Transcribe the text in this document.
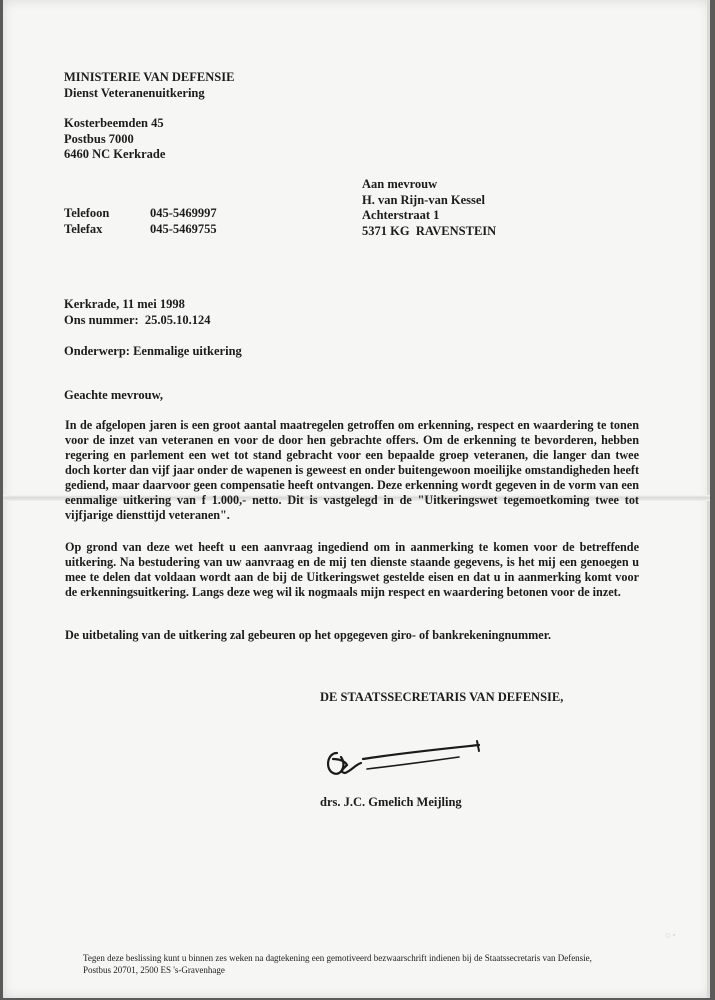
MINISTERIE VAN DEFENSIE
Dienst Veteranenuitkering
Kosterbeemden 45
Postbus 7000
6460 NC Kerkrade
Aan mevrouw
H. van Rijn-van Kessel
Achterstraat 1
5371 KG  RAVENSTEIN
Telefoon
Telefax
045-5469997
045-5469755
Kerkrade, 11 mei 1998
Ons nummer:  25.05.10.124
Onderwerp: Eenmalige uitkering
Geachte mevrouw,

In de afgelopen jaren is een groot aantal maatregelen getroffen om erkenning, respect en waardering te tonen voor de inzet van veteranen en voor de door hen gebrachte offers. Om de erkenning te bevorderen, hebben regering en parlement een wet tot stand gebracht voor een bepaalde groep veteranen, die langer dan twee doch korter dan vijf jaar onder de wapenen is geweest en onder buitengewoon moeilijke omstandigheden heeft gediend, maar daarvoor geen compensatie heeft ontvangen. Deze erkenning wordt gegeven in de vorm van een eenmalige uitkering van f 1.000,- netto. Dit is vastgelegd in de "Uitkeringswet tegemoetkoming twee tot vijfjarige diensttijd veteranen".

Op grond van deze wet heeft u een aanvraag ingediend om in aanmerking te komen voor de betreffende uitkering. Na bestudering van uw aanvraag en de mij ten dienste staande gegevens, is het mij een genoegen u mee te delen dat voldaan wordt aan de bij de Uitkeringswet gestelde eisen en dat u in aanmerking komt voor de erkenningsuitkering. Langs deze weg wil ik nogmaals mijn respect en waardering betonen voor de inzet.

De uitbetaling van de uitkering zal gebeuren op het opgegeven giro- of bankrekeningnummer.

DE STAATSSECRETARIS VAN DEFENSIE,
drs. J.C. Gmelich Meijling
◌ ·
Tegen deze beslissing kunt u binnen zes weken na dagtekening een gemotiveerd bezwaarschrift indienen bij de Staatssecretaris van Defensie,
Postbus 20701, 2500 ES 's-Gravenhage
